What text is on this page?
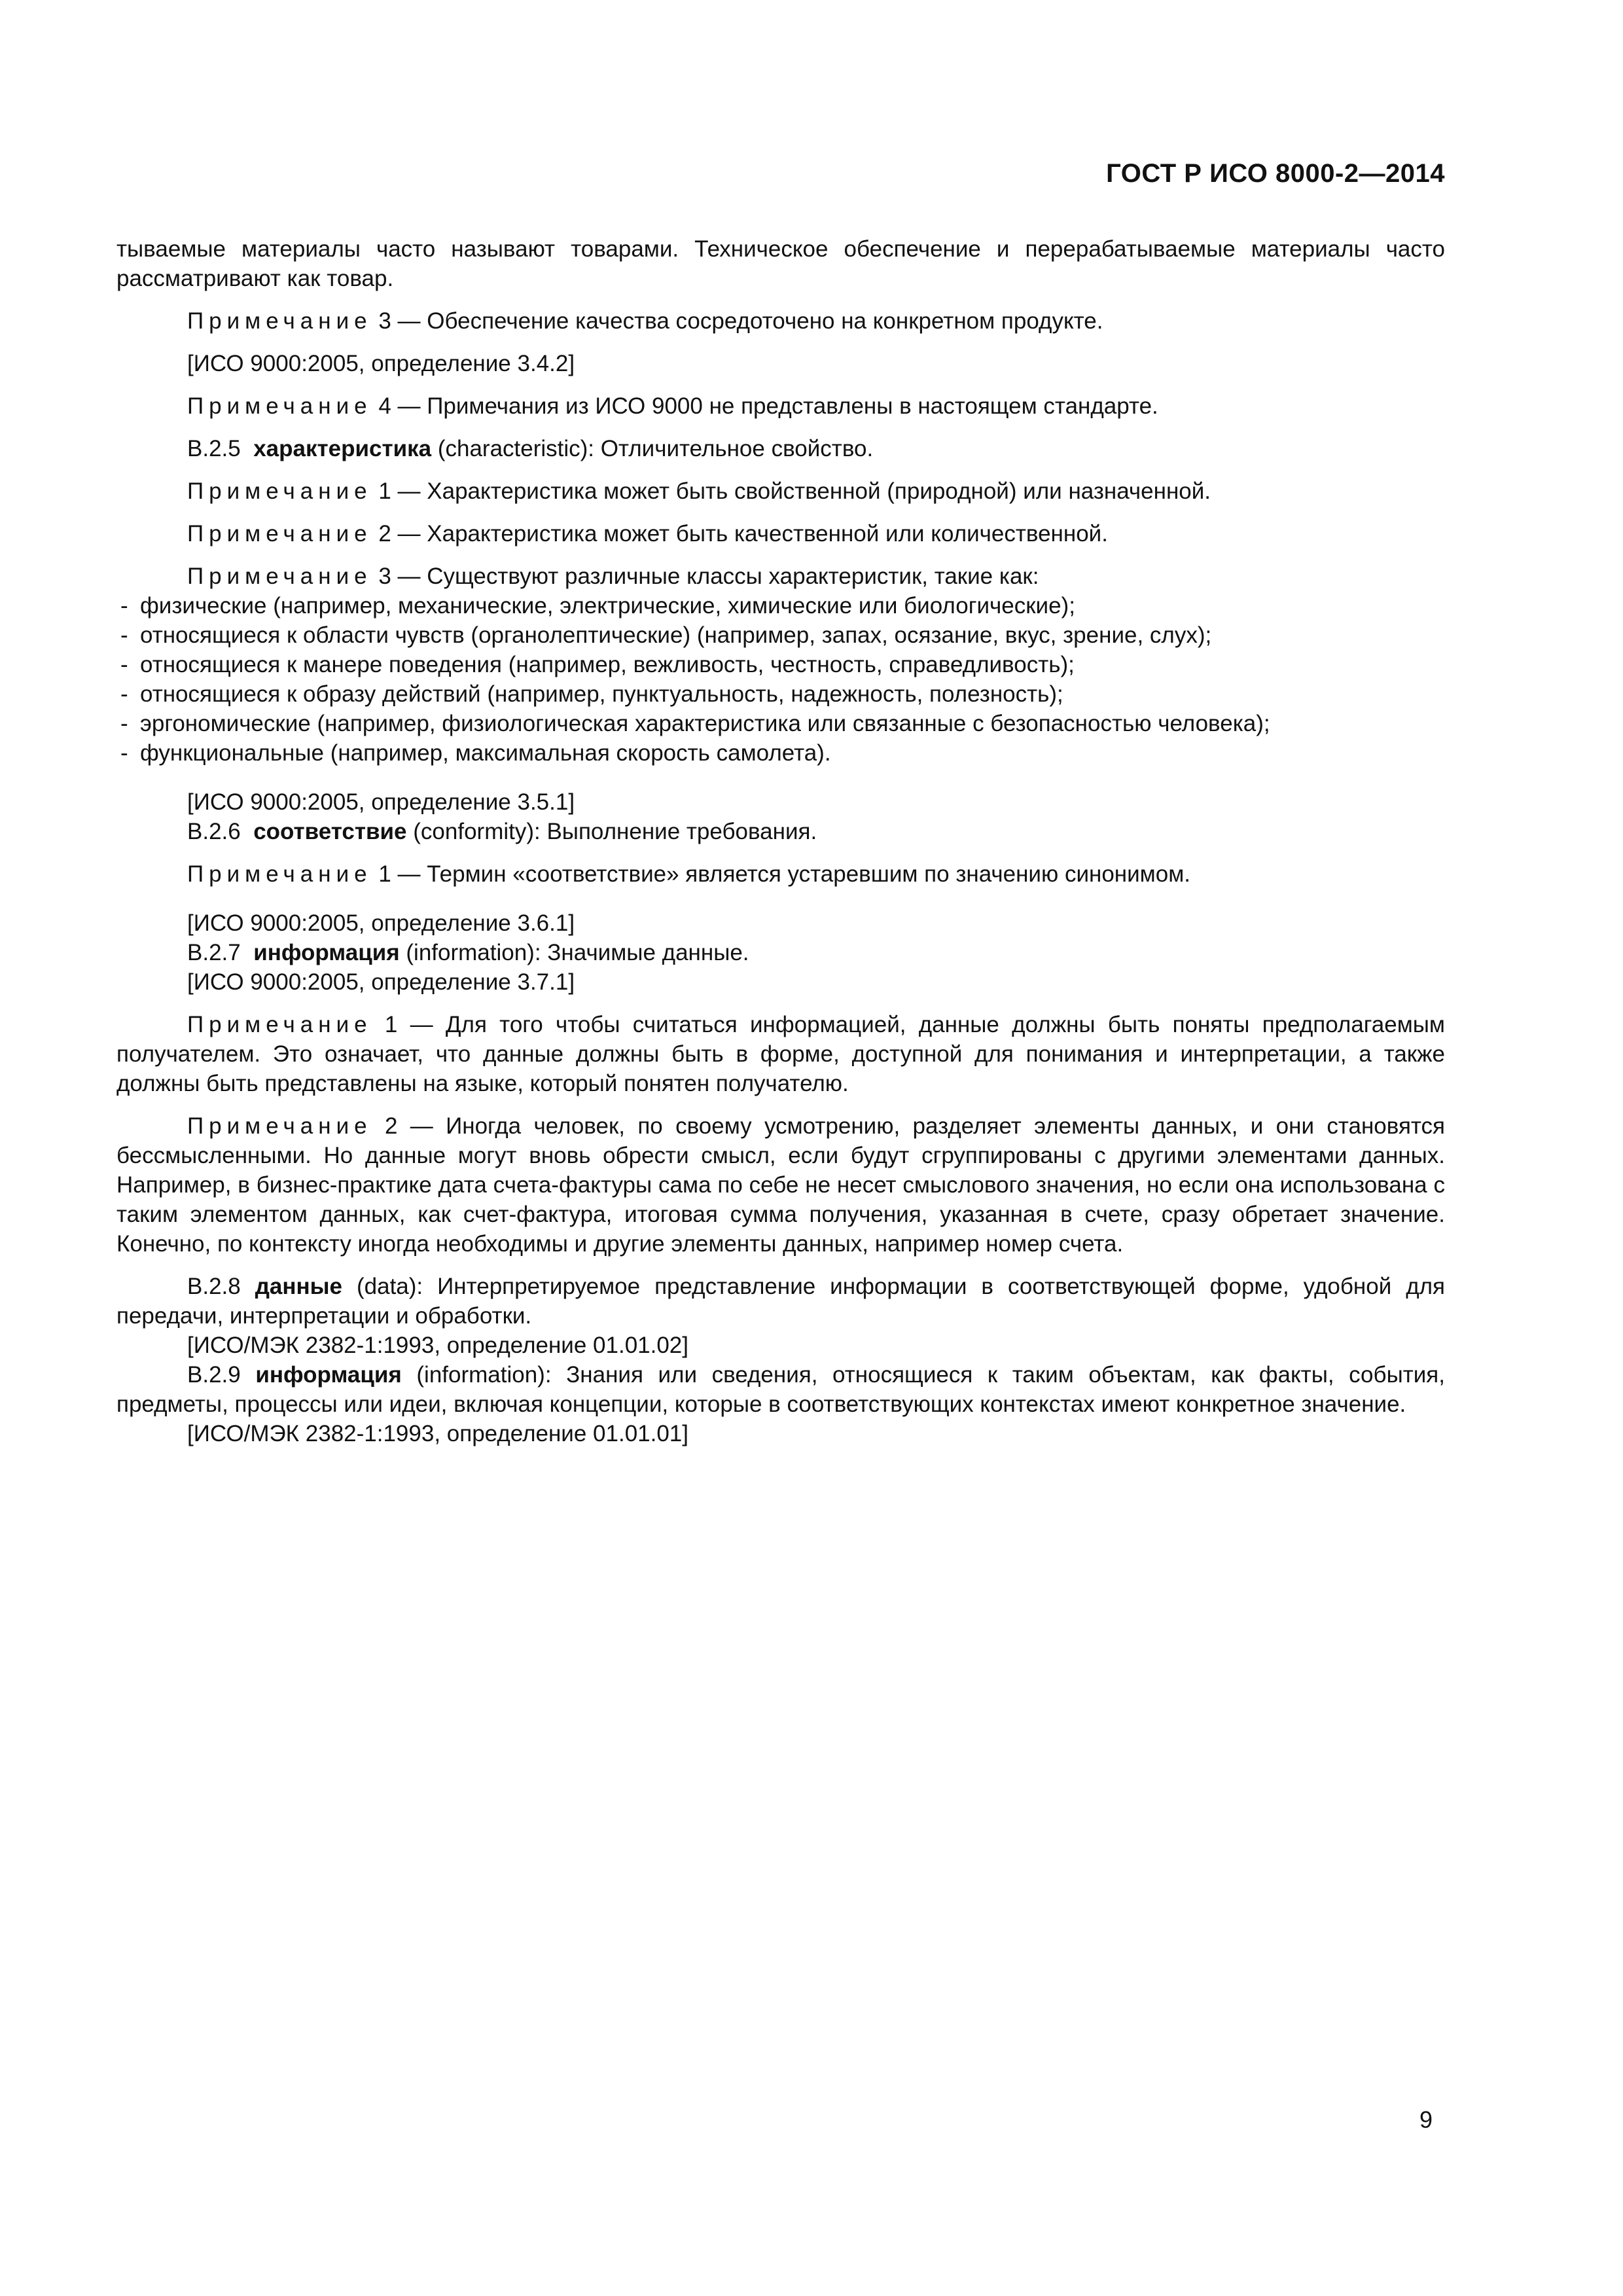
ГОСТ Р ИСО 8000-2—2014

тываемые материалы часто называют товарами. Техническое обеспечение и перерабатываемые материалы часто рассматривают как товар.

Примечание 3 — Обеспечение качества сосредоточено на конкретном продукте.

[ИСО 9000:2005, определение 3.4.2]

Примечание 4 — Примечания из ИСО 9000 не представлены в настоящем стандарте.

B.2.5 характеристика (characteristic): Отличительное свойство.

Примечание 1 — Характеристика может быть свойственной (природной) или назначенной.

Примечание 2 — Характеристика может быть качественной или количественной.

Примечание 3 — Существуют различные классы характеристик, такие как:

- физические (например, механические, электрические, химические или биологические);
- относящиеся к области чувств (органолептические) (например, запах, осязание, вкус, зрение, слух);
- относящиеся к манере поведения (например, вежливость, честность, справедливость);
- относящиеся к образу действий (например, пунктуальность, надежность, полезность);
- эргономические (например, физиологическая характеристика или связанные с безопасностью человека);
- функциональные (например, максимальная скорость самолета).

[ИСО 9000:2005, определение 3.5.1]

B.2.6 соответствие (conformity): Выполнение требования.

Примечание 1 — Термин «соответствие» является устаревшим по значению синонимом.

[ИСО 9000:2005, определение 3.6.1]

B.2.7 информация (information): Значимые данные.

[ИСО 9000:2005, определение 3.7.1]

Примечание 1 — Для того чтобы считаться информацией, данные должны быть поняты предполагаемым получателем. Это означает, что данные должны быть в форме, доступной для понимания и интерпретации, а также должны быть представлены на языке, который понятен получателю.

Примечание 2 — Иногда человек, по своему усмотрению, разделяет элементы данных, и они становятся бессмысленными. Но данные могут вновь обрести смысл, если будут сгруппированы с другими элементами данных. Например, в бизнес-практике дата счета-фактуры сама по себе не несет смыслового значения, но если она использована с таким элементом данных, как счет-фактура, итоговая сумма получения, указанная в счете, сразу обретает значение. Конечно, по контексту иногда необходимы и другие элементы данных, например номер счета.

B.2.8 данные (data): Интерпретируемое представление информации в соответствующей форме, удобной для передачи, интерпретации и обработки.

[ИСО/МЭК 2382-1:1993, определение 01.01.02]

B.2.9 информация (information): Знания или сведения, относящиеся к таким объектам, как факты, события, предметы, процессы или идеи, включая концепции, которые в соответствующих контекстах имеют конкретное значение.

[ИСО/МЭК 2382-1:1993, определение 01.01.01]

9
